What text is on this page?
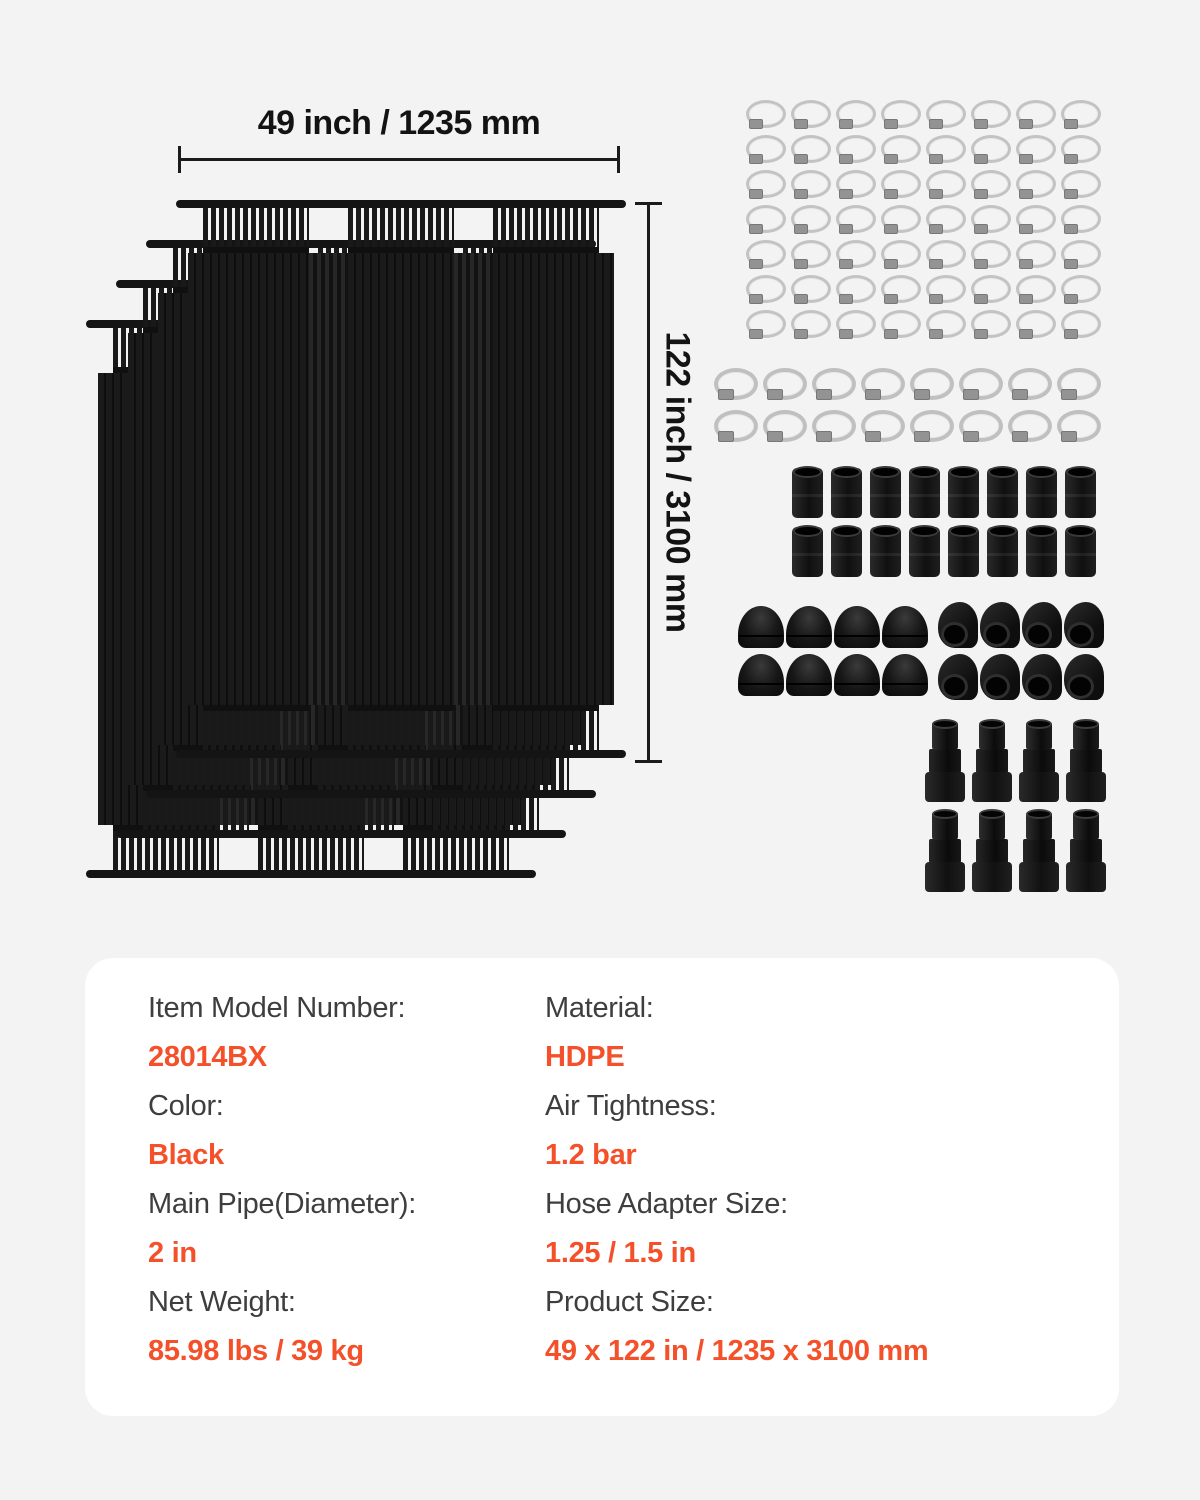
49 inch / 1235 mm
122 inch / 3100 mm
Item Model Number:
28014BX
Material:
HDPE
Color:
Black
Air Tightness:
1.2 bar
Main Pipe(Diameter):
2 in
Hose Adapter Size:
1.25 / 1.5 in
Net Weight:
85.98 lbs / 39 kg
Product Size:
49 x 122 in / 1235 x 3100 mm
